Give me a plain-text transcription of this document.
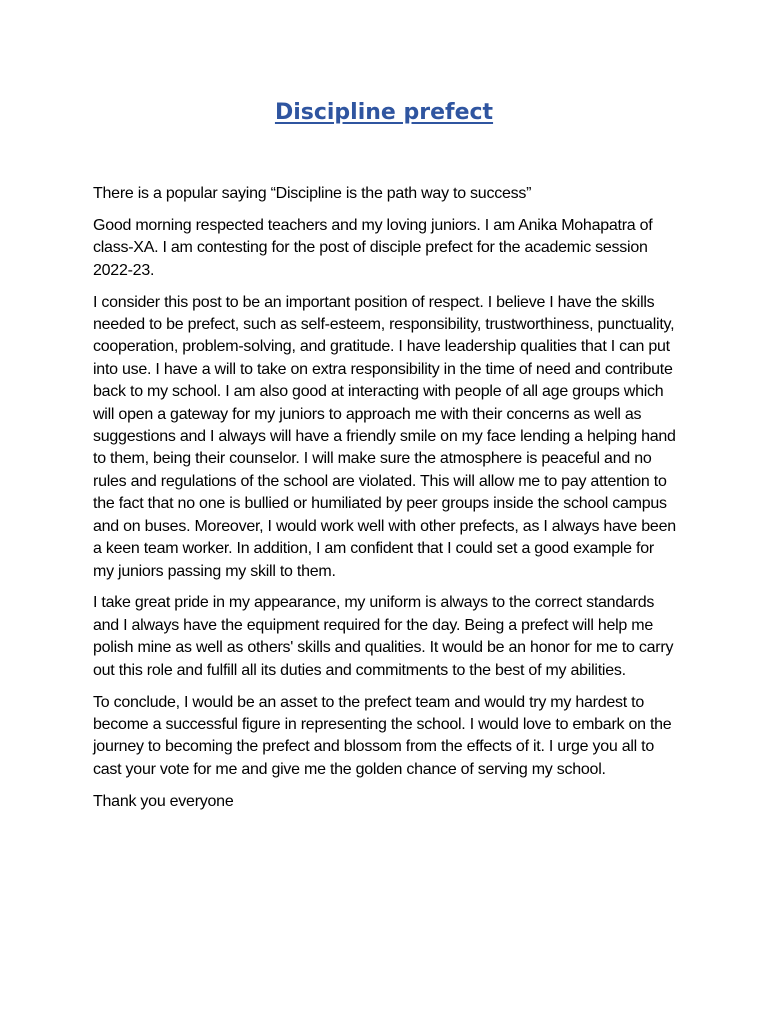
Discipline prefect

There is a popular saying “Discipline is the path way to success”

Good morning respected teachers and my loving juniors. I am Anika Mohapatra of class-XA. I am contesting for the post of disciple prefect for the academic session 2022-23.

I consider this post to be an important position of respect. I believe I have the skills needed to be prefect, such as self-esteem, responsibility, trustworthiness, punctuality, cooperation, problem-solving, and gratitude. I have leadership qualities that I can put into use. I have a will to take on extra responsibility in the time of need and contribute back to my school. I am also good at interacting with people of all age groups which will open a gateway for my juniors to approach me with their concerns as well as suggestions and I always will have a friendly smile on my face lending a helping hand to them, being their counselor. I will make sure the atmosphere is peaceful and no rules and regulations of the school are violated. This will allow me to pay attention to the fact that no one is bullied or humiliated by peer groups inside the school campus and on buses. Moreover, I would work well with other prefects, as I always have been a keen team worker. In addition, I am confident that I could set a good example for my juniors passing my skill to them.

I take great pride in my appearance, my uniform is always to the correct standards and I always have the equipment required for the day. Being a prefect will help me polish mine as well as others' skills and qualities. It would be an honor for me to carry out this role and fulfill all its duties and commitments to the best of my abilities.

To conclude, I would be an asset to the prefect team and would try my hardest to become a successful figure in representing the school. I would love to embark on the journey to becoming the prefect and blossom from the effects of it. I urge you all to cast your vote for me and give me the golden chance of serving my school.

Thank you everyone
